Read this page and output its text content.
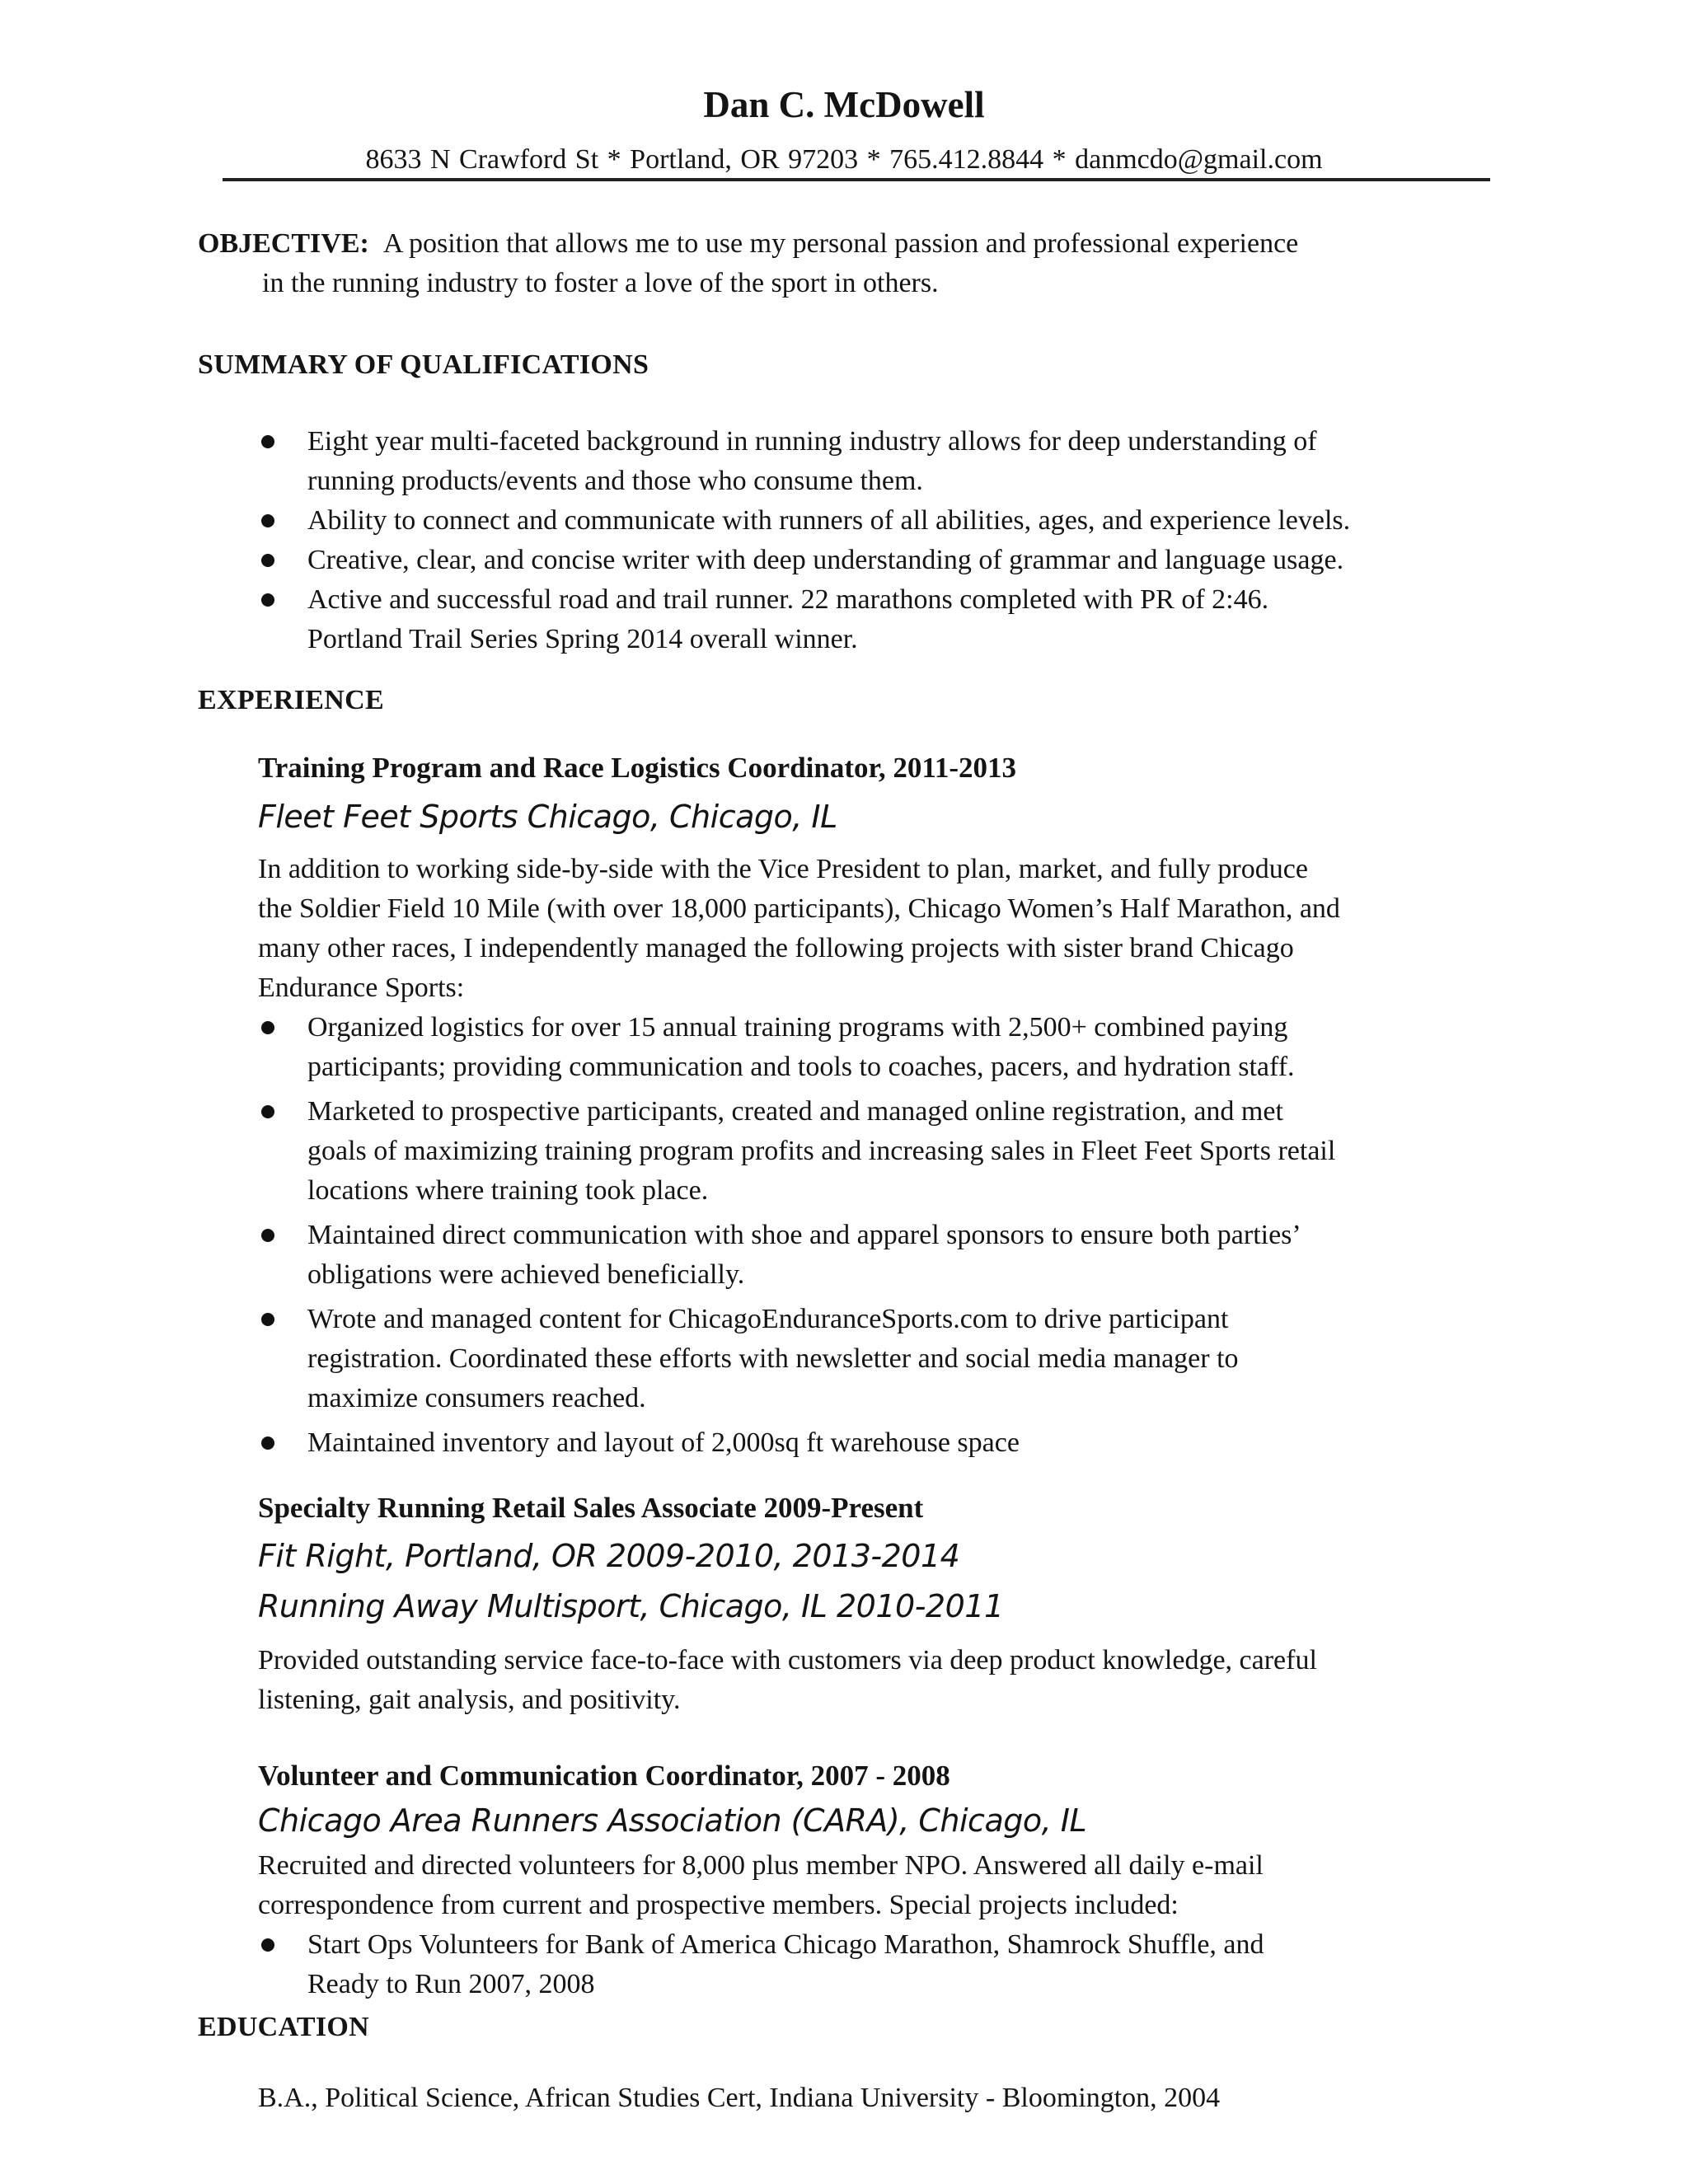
Dan C. McDowell
8633 N Crawford St * Portland, OR 97203 * 765.412.8844 * danmcdo@gmail.com
OBJECTIVE: A position that allows me to use my personal passion and professional experience
in the running industry to foster a love of the sport in others.
SUMMARY OF QUALIFICATIONS
Eight year multi-faceted background in running industry allows for deep understanding of
running products/events and those who consume them.
Ability to connect and communicate with runners of all abilities, ages, and experience levels.
Creative, clear, and concise writer with deep understanding of grammar and language usage.
Active and successful road and trail runner. 22 marathons completed with PR of 2:46.
Portland Trail Series Spring 2014 overall winner.
EXPERIENCE
Training Program and Race Logistics Coordinator, 2011-2013
Fleet Feet Sports Chicago, Chicago, IL
In addition to working side-by-side with the Vice President to plan, market, and fully produce
the Soldier Field 10 Mile (with over 18,000 participants), Chicago Women’s Half Marathon, and
many other races, I independently managed the following projects with sister brand Chicago
Endurance Sports:
Organized logistics for over 15 annual training programs with 2,500+ combined paying
participants; providing communication and tools to coaches, pacers, and hydration staff.
Marketed to prospective participants, created and managed online registration, and met
goals of maximizing training program profits and increasing sales in Fleet Feet Sports retail
locations where training took place.
Maintained direct communication with shoe and apparel sponsors to ensure both parties’
obligations were achieved beneficially.
Wrote and managed content for ChicagoEnduranceSports.com to drive participant
registration. Coordinated these efforts with newsletter and social media manager to
maximize consumers reached.
Maintained inventory and layout of 2,000sq ft warehouse space
Specialty Running Retail Sales Associate 2009-Present
Fit Right, Portland, OR 2009-2010, 2013-2014
Running Away Multisport, Chicago, IL 2010-2011
Provided outstanding service face-to-face with customers via deep product knowledge, careful
listening, gait analysis, and positivity.
Volunteer and Communication Coordinator, 2007 - 2008
Chicago Area Runners Association (CARA), Chicago, IL
Recruited and directed volunteers for 8,000 plus member NPO. Answered all daily e-mail
correspondence from current and prospective members. Special projects included:
Start Ops Volunteers for Bank of America Chicago Marathon, Shamrock Shuffle, and
Ready to Run 2007, 2008
EDUCATION
B.A., Political Science, African Studies Cert, Indiana University - Bloomington, 2004
